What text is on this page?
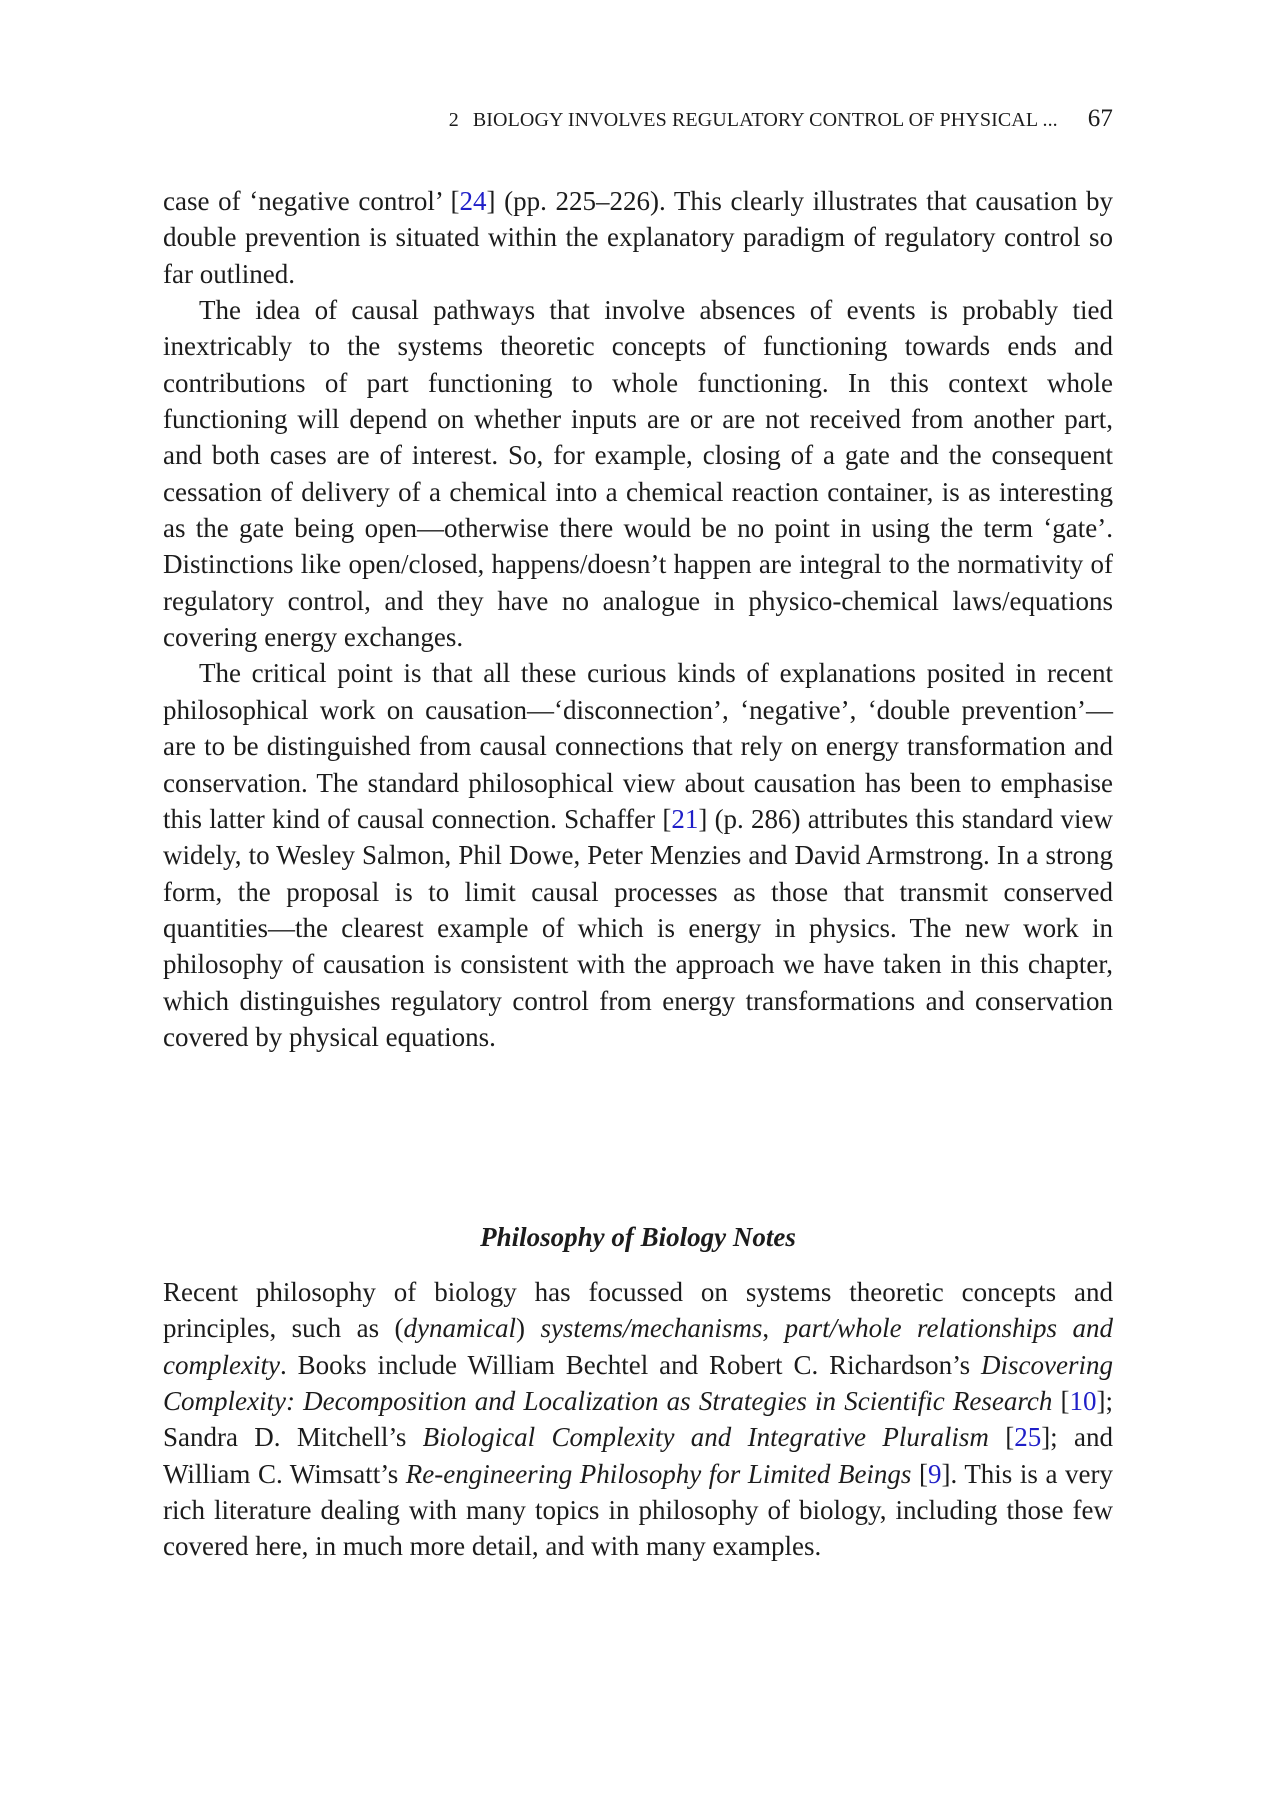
2 BIOLOGY INVOLVES REGULATORY CONTROL OF PHYSICAL ... 67

case of ‘negative control’ [24] (pp. 225–226). This clearly illustrates that causation by double prevention is situated within the explanatory paradigm of regulatory control so far outlined.

The idea of causal pathways that involve absences of events is probably tied inextricably to the systems theoretic concepts of functioning towards ends and contributions of part functioning to whole functioning. In this context whole functioning will depend on whether inputs are or are not received from another part, and both cases are of interest. So, for example, closing of a gate and the consequent cessation of delivery of a chemical into a chemical reaction container, is as interesting as the gate being open—otherwise there would be no point in using the term ‘gate’. Distinctions like open/closed, happens/doesn’t happen are integral to the normativity of regulatory control, and they have no analogue in physico-chemical laws/equations covering energy exchanges.

The critical point is that all these curious kinds of explanations posited in recent philosophical work on causation—‘disconnection’, ‘negative’, ‘double prevention’—are to be distinguished from causal connections that rely on energy transformation and conservation. The standard philosophical view about causation has been to emphasise this latter kind of causal connection. Schaffer [21] (p. 286) attributes this standard view widely, to Wesley Salmon, Phil Dowe, Peter Menzies and David Armstrong. In a strong form, the proposal is to limit causal processes as those that transmit conserved quantities—the clearest example of which is energy in physics. The new work in philosophy of causation is consistent with the approach we have taken in this chapter, which distinguishes regulatory control from energy transformations and conservation covered by physical equations.

Philosophy of Biology Notes

Recent philosophy of biology has focussed on systems theoretic concepts and principles, such as (dynamical) systems/mechanisms, part/whole relationships and complexity. Books include William Bechtel and Robert C. Richardson’s Discovering Complexity: Decomposition and Localization as Strategies in Scientific Research [10]; Sandra D. Mitchell’s Biological Complexity and Integrative Pluralism [25]; and William C. Wimsatt’s Re-engineering Philosophy for Limited Beings [9]. This is a very rich literature dealing with many topics in philosophy of biology, including those few covered here, in much more detail, and with many examples.
